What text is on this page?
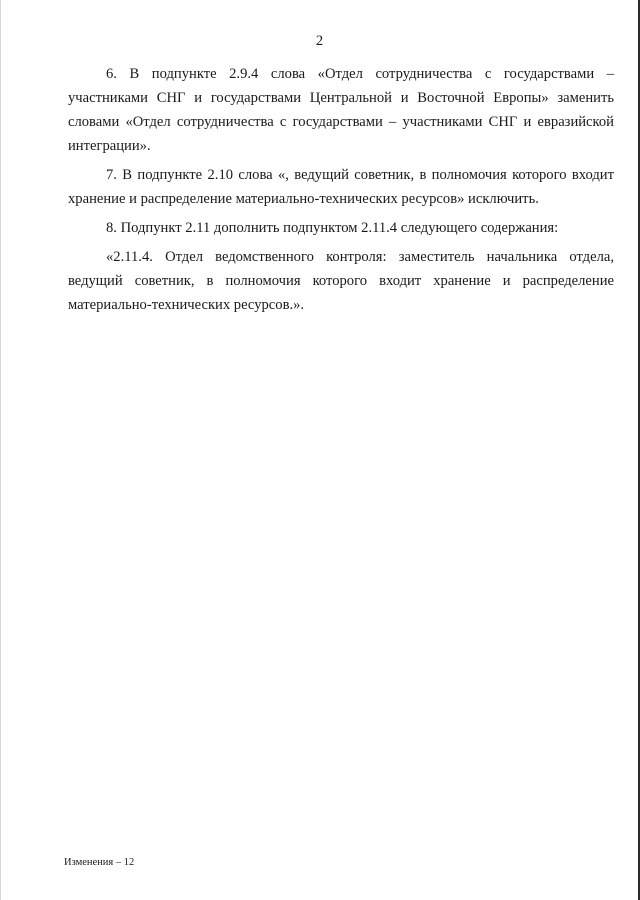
2

6. В подпункте 2.9.4 слова «Отдел сотрудничества с государствами – участниками СНГ и государствами Центральной и Восточной Европы» заменить словами «Отдел сотрудничества с государствами – участниками СНГ и евразийской интеграции».

7. В подпункте 2.10 слова «, ведущий советник, в полномочия которого входит хранение и распределение материально-технических ресурсов» исключить.

8. Подпункт 2.11 дополнить подпунктом 2.11.4 следующего содержания:

«2.11.4. Отдел ведомственного контроля: заместитель начальника отдела, ведущий советник, в полномочия которого входит хранение и распределение материально-технических ресурсов.».

Изменения – 12
